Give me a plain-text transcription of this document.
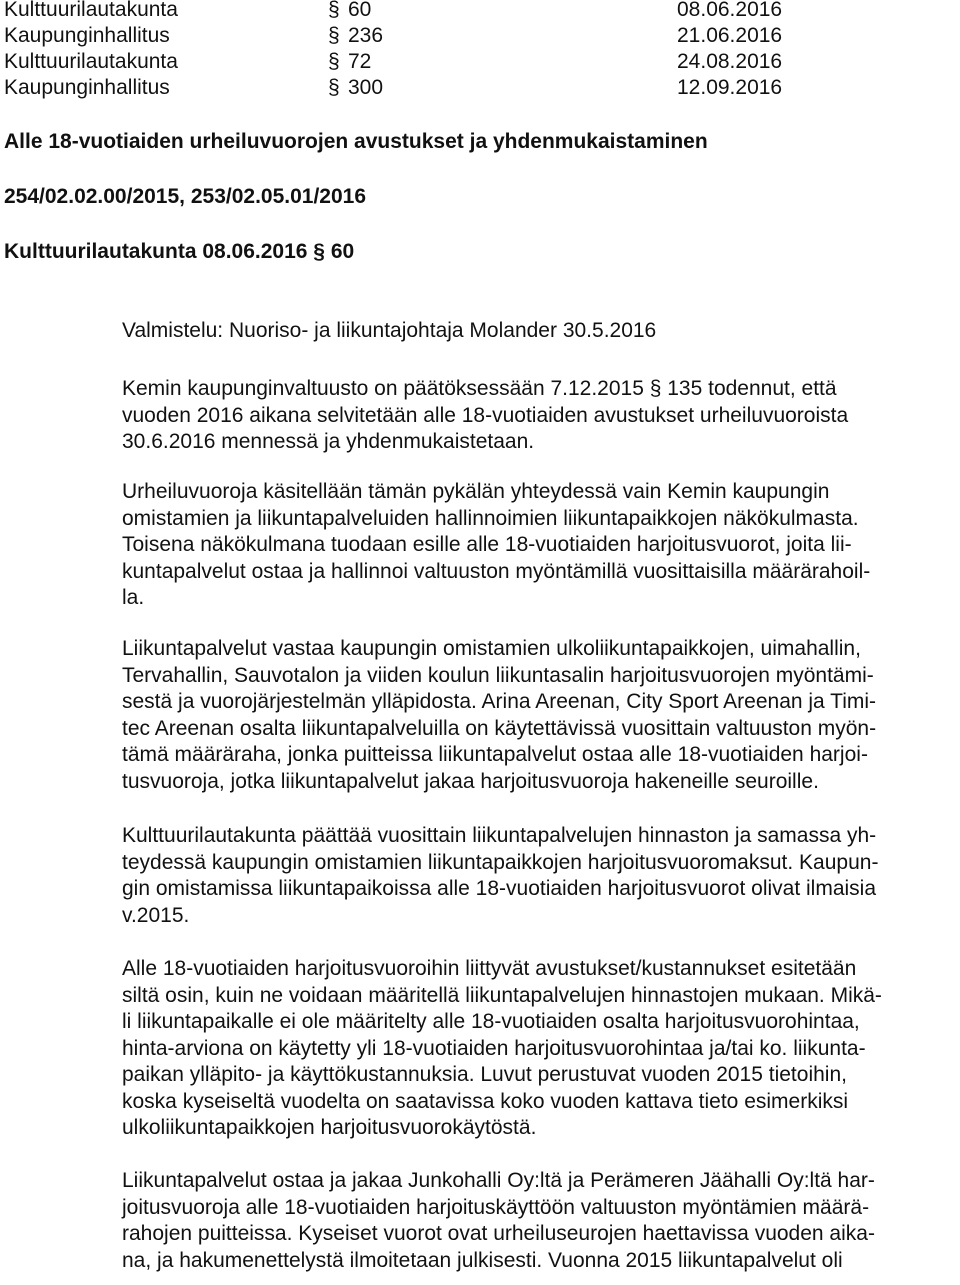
Kulttuurilautakunta	§ 60	08.06.2016
Kaupunginhallitus	§ 236	21.06.2016
Kulttuurilautakunta	§ 72	24.08.2016
Kaupunginhallitus	§ 300	12.09.2016
Alle 18-vuotiaiden urheiluvuorojen avustukset ja yhdenmukaistaminen
254/02.02.00/2015, 253/02.05.01/2016
Kulttuurilautakunta 08.06.2016 § 60

Valmistelu: Nuoriso- ja liikuntajohtaja Molander 30.5.2016

Kemin kaupunginvaltuusto on päätöksessään 7.12.2015 § 135 todennut, että
vuoden 2016 aikana selvitetään alle 18-vuotiaiden avustukset urheiluvuoroista
30.6.2016 mennessä ja yhdenmukaistetaan.

Urheiluvuoroja käsitellään tämän pykälän yhteydessä vain Kemin kaupungin
omistamien ja liikuntapalveluiden hallinnoimien liikuntapaikkojen näkökulmasta.
Toisena näkökulmana tuodaan esille alle 18-vuotiaiden harjoitusvuorot, joita lii-
kuntapalvelut ostaa ja hallinnoi valtuuston myöntämillä vuosittaisilla määrärahoil-
la.

Liikuntapalvelut vastaa kaupungin omistamien ulkoliikuntapaikkojen, uimahallin,
Tervahallin, Sauvotalon ja viiden koulun liikuntasalin harjoitusvuorojen myöntämi-
sestä ja vuorojärjestelmän ylläpidosta. Arina Areenan, City Sport Areenan ja Timi-
tec Areenan osalta liikuntapalveluilla on käytettävissä vuosittain valtuuston myön-
tämä määräraha, jonka puitteissa liikuntapalvelut ostaa alle 18-vuotiaiden harjoi-
tusvuoroja, jotka liikuntapalvelut jakaa harjoitusvuoroja hakeneille seuroille.

Kulttuurilautakunta päättää vuosittain liikuntapalvelujen hinnaston ja samassa yh-
teydessä kaupungin omistamien liikuntapaikkojen harjoitusvuoromaksut. Kaupun-
gin omistamissa liikuntapaikoissa alle 18-vuotiaiden harjoitusvuorot olivat ilmaisia
v.2015.

Alle 18-vuotiaiden harjoitusvuoroihin liittyvät avustukset/kustannukset esitetään
siltä osin, kuin ne voidaan määritellä liikuntapalvelujen hinnastojen mukaan. Mikä-
li liikuntapaikalle ei ole määritelty alle 18-vuotiaiden osalta harjoitusvuorohintaa,
hinta-arviona on käytetty yli 18-vuotiaiden harjoitusvuorohintaa ja/tai ko. liikunta-
paikan ylläpito- ja käyttökustannuksia. Luvut perustuvat vuoden 2015 tietoihin,
koska kyseiseltä vuodelta on saatavissa koko vuoden kattava tieto esimerkiksi
ulkoliikuntapaikkojen harjoitusvuorokäytöstä.

Liikuntapalvelut ostaa ja jakaa Junkohalli Oy:ltä ja Perämeren Jäähalli Oy:ltä har-
joitusvuoroja alle 18-vuotiaiden harjoituskäyttöön valtuuston myöntämien määrä-
rahojen puitteissa. Kyseiset vuorot ovat urheiluseurojen haettavissa vuoden aika-
na, ja hakumenettelystä ilmoitetaan julkisesti. Vuonna 2015 liikuntapalvelut oli
